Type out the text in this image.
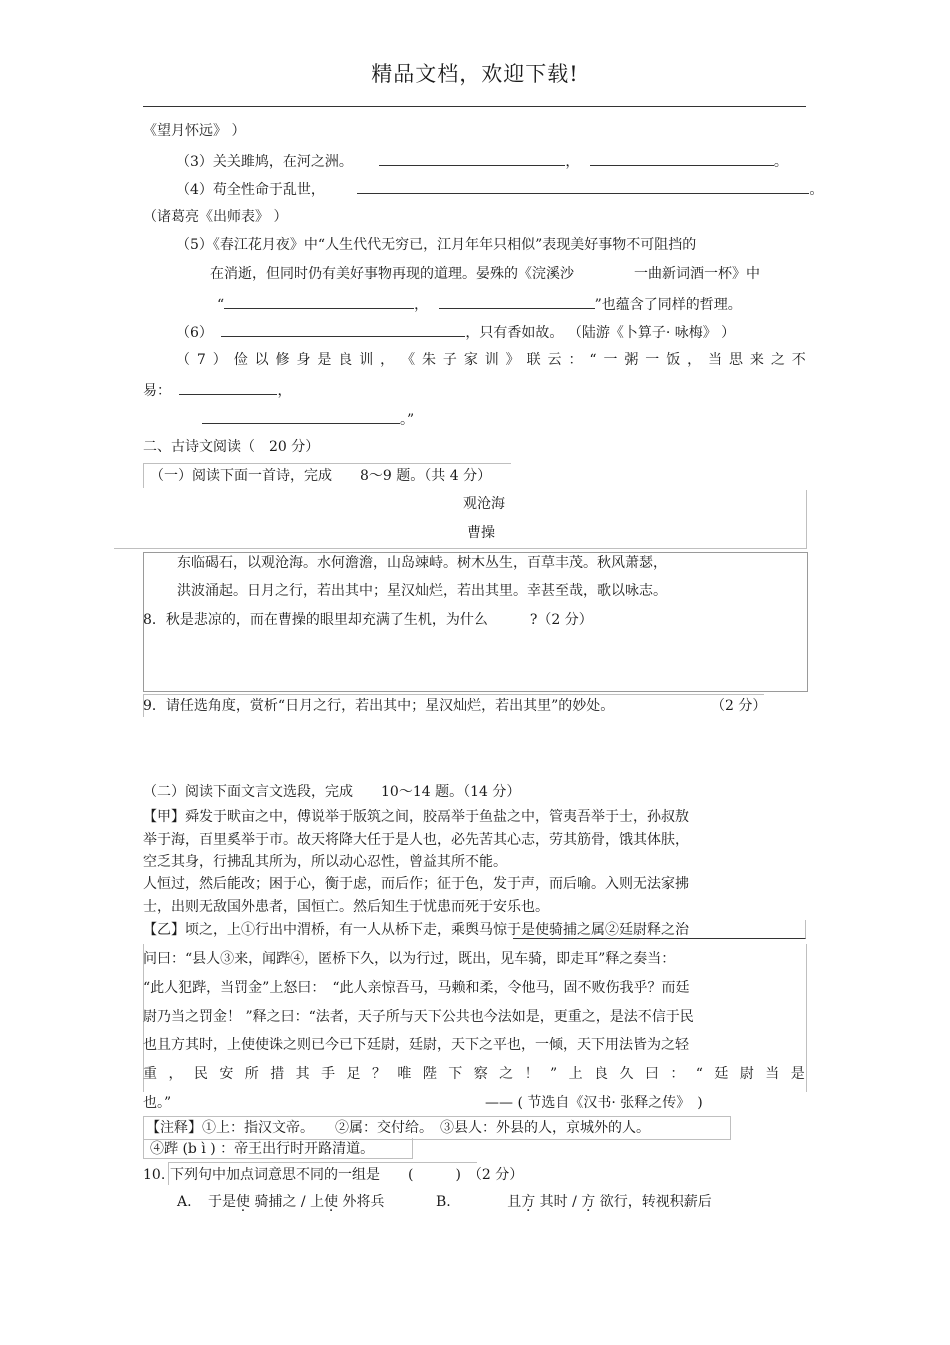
精品文档，欢迎下载!
《望月怀远》 ）
（3）关关雎鸠，在河之洲。	，	。
（4）苟全性命于乱世，	。
（诸葛亮《出师表》 ）
（5）《春江花月夜》中“人生代代无穷已，江月年年只相似”表现美好事物不可阻挡的
在消逝，但同时仍有美好事物再现的道理。晏殊的《浣溪沙	一曲新词酒一杯》中
“	，	”也蕴含了同样的哲理。
（6）	，只有香如故。 （陆游《卜算子· 咏梅》 ）
（ 7 ） 俭 以 修 身 是 良 训 ， 《 朱 子 家 训 》 联 云 ： “ 一 粥 一 饭 ， 当 思 来 之 不
易：	，
。”
二、古诗文阅读（　20 分）
（一）阅读下面一首诗，完成　　8～9 题。（共 4 分）
观沧海
曹操
东临碣石，以观沧海。水何澹澹，山岛竦峙。树木丛生，百草丰茂。秋风萧瑟，
洪波涌起。日月之行，若出其中；星汉灿烂，若出其里。幸甚至哉，歌以咏志。
8．秋是悲凉的，而在曹操的眼里却充满了生机，为什么　　　?（2 分）
9．请任选角度，赏析“日月之行，若出其中；星汉灿烂，若出其里”的妙处。	（2 分）
（二）阅读下面文言文选段，完成　　10～14 题。（14 分）
【甲】舜发于畎亩之中，傅说举于版筑之间，胶鬲举于鱼盐之中，管夷吾举于士，孙叔敖
举于海，百里奚举于市。故天将降大任于是人也，必先苦其心志，劳其筋骨，饿其体肤，
空乏其身，行拂乱其所为，所以动心忍性，曾益其所不能。
人恒过，然后能改；困于心，衡于虑，而后作；征于色，发于声，而后喻。入则无法家拂
士，出则无敌国外患者，国恒亡。然后知生于忧患而死于安乐也。
【乙】顷之，上①行出中渭桥，有一人从桥下走，乘舆马惊于是使骑捕之属②廷尉释之治
问曰：“县人③来，闻跸④，匿桥下久，以为行过，既出，见车骑，即走耳”释之奏当：
“此人犯跸，当罚金”上怒曰：　“此人亲惊吾马，马赖和柔，令他马，固不败伤我乎？而廷
尉乃当之罚金！ ”释之曰：“法者，天子所与天下公共也今法如是，更重之，是法不信于民
也且方其时，上使使诛之则已今已下廷尉，廷尉，天下之平也，一倾，天下用法皆为之轻
重 ， 民 安 所 措 其 手 足 ？ 唯 陛 下 察 之 ！ ” 上 良 久 曰 ： “ 廷 尉 当 是
也。”	—— ( 节选自《汉书· 张释之传》　)
【注释】①上：指汉文帝。　　②属：交付给。　③县人：外县的人，京城外的人。
④跸 (b ì ) ：帝王出行时开路清道。
10. 下列句中加点词意思不同的一组是　　(　　　)　（2 分）
A. 于是使 骑捕之 / 上使 外将兵	B.	且方 其时 / 方 欲行，转视积薪后
